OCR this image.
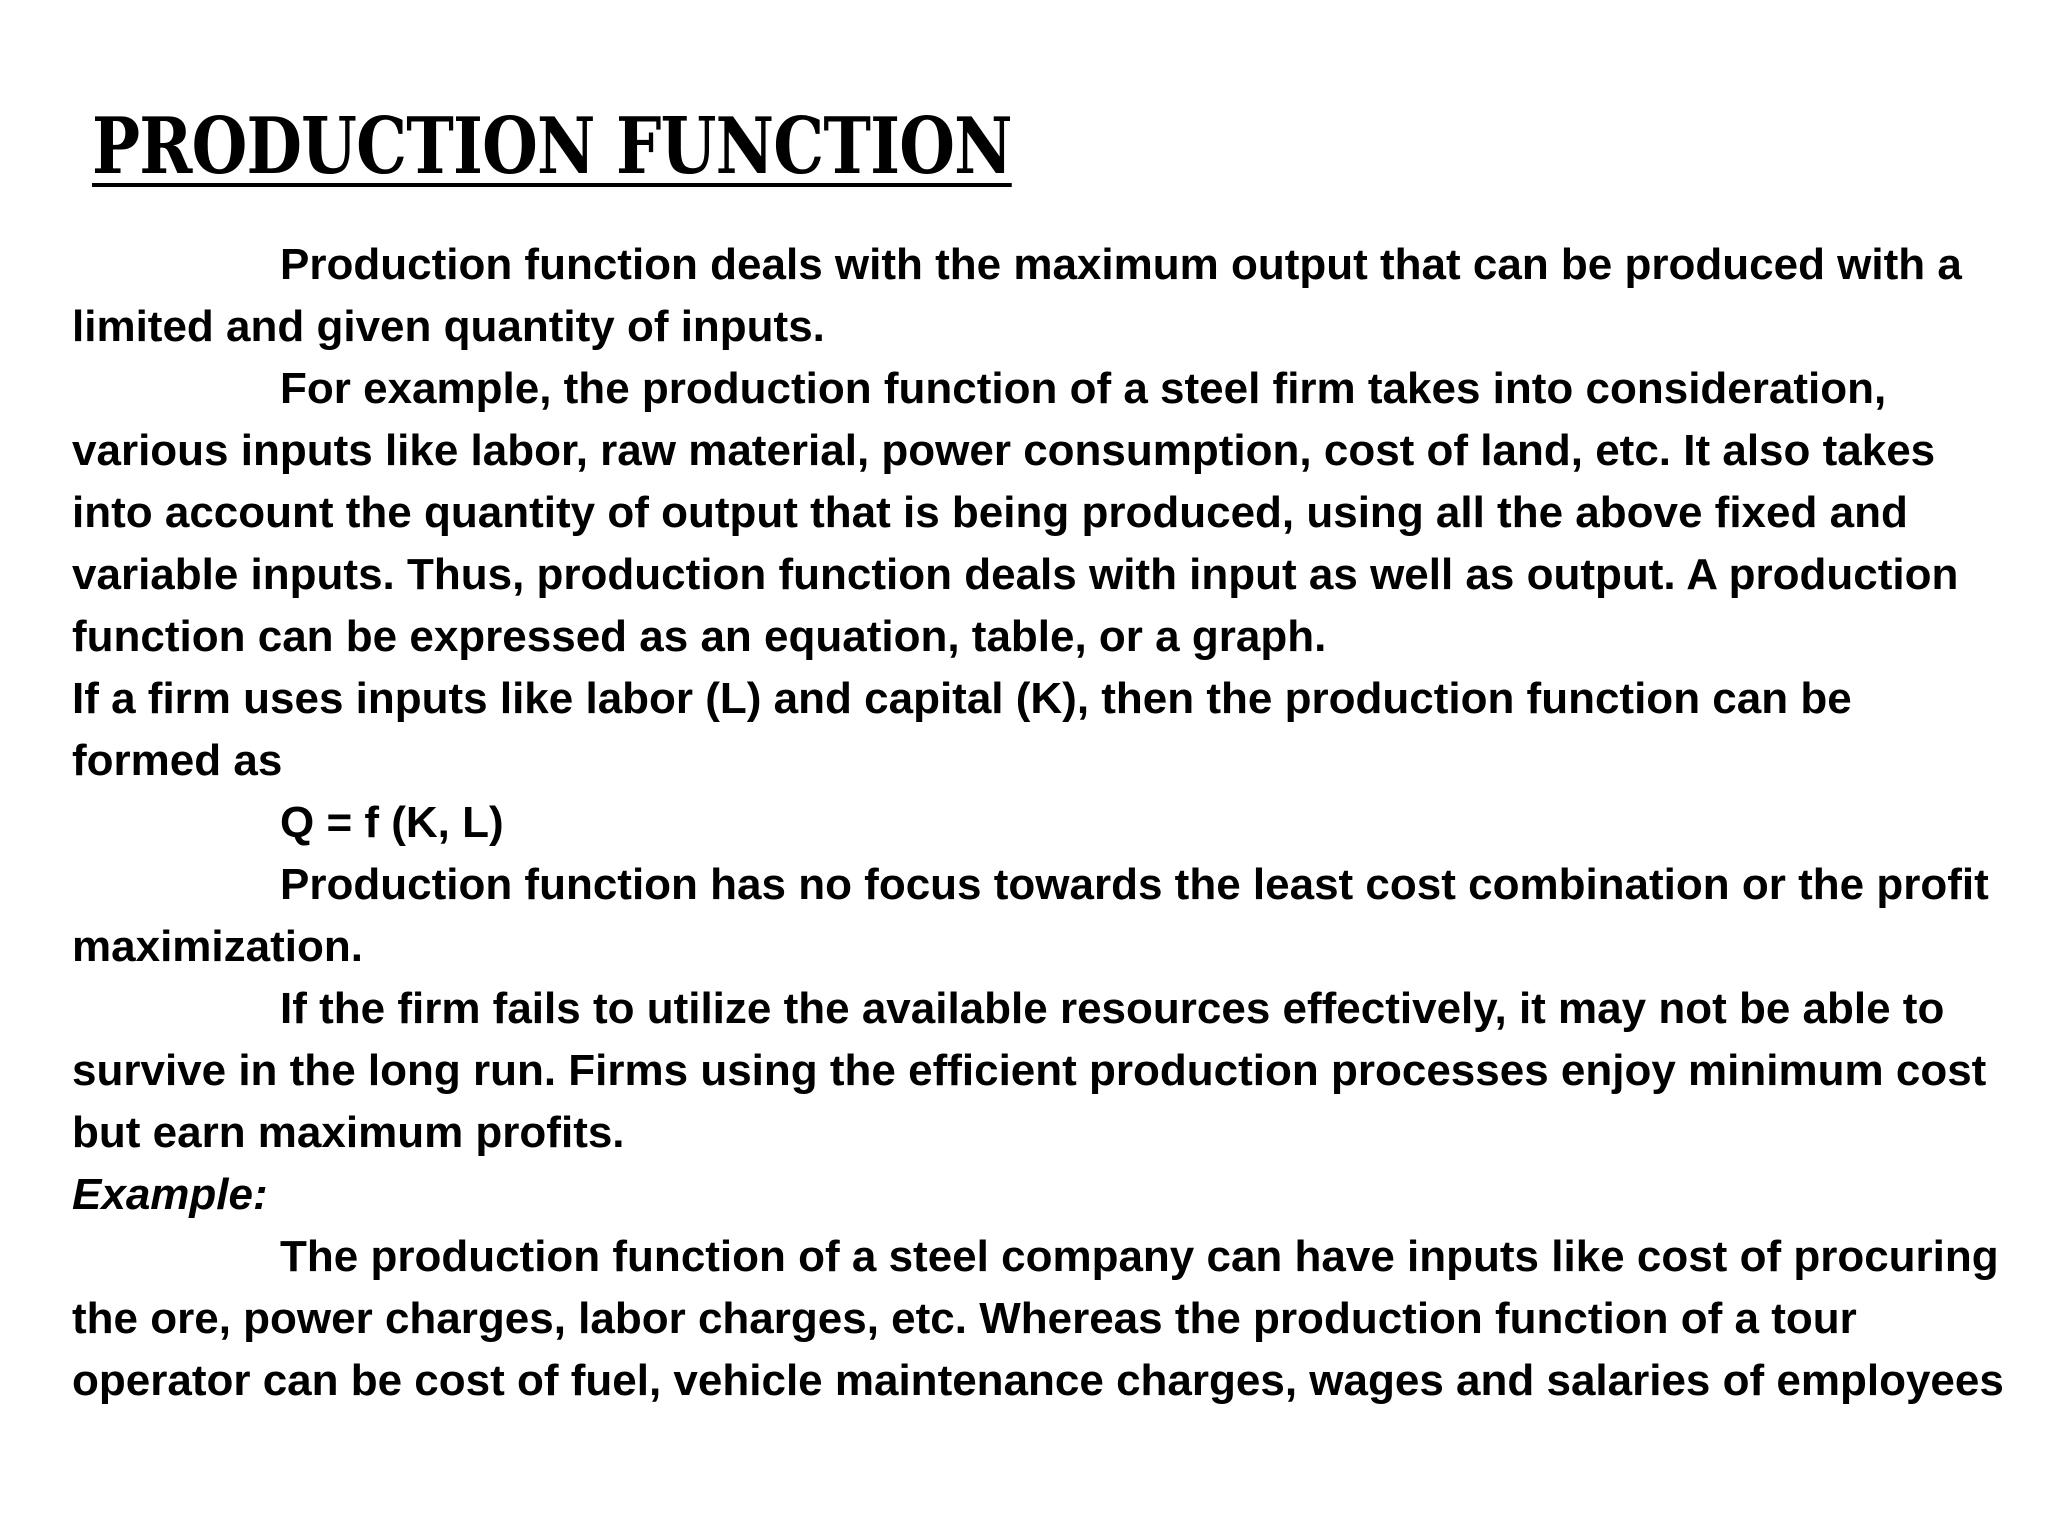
PRODUCTION FUNCTION

Production function deals with the maximum output that can be produced with a limited and given quantity of inputs.

For example, the production function of a steel firm takes into consideration, various inputs like labor, raw material, power consumption, cost of land, etc. It also takes into account the quantity of output that is being produced, using all the above fixed and variable inputs. Thus, production function deals with input as well as output. A production function can be expressed as an equation, table, or a graph.

If a firm uses inputs like labor (L) and capital (K), then the production function can be formed as

Q = f (K, L)

Production function has no focus towards the least cost combination or the profit maximization.

If the firm fails to utilize the available resources effectively, it may not be able to survive in the long run. Firms using the efficient production processes enjoy minimum cost but earn maximum profits.

Example:

The production function of a steel company can have inputs like cost of procuring the ore, power charges, labor charges, etc. Whereas the production function of a tour operator can be cost of fuel, vehicle maintenance charges, wages and salaries of employees
